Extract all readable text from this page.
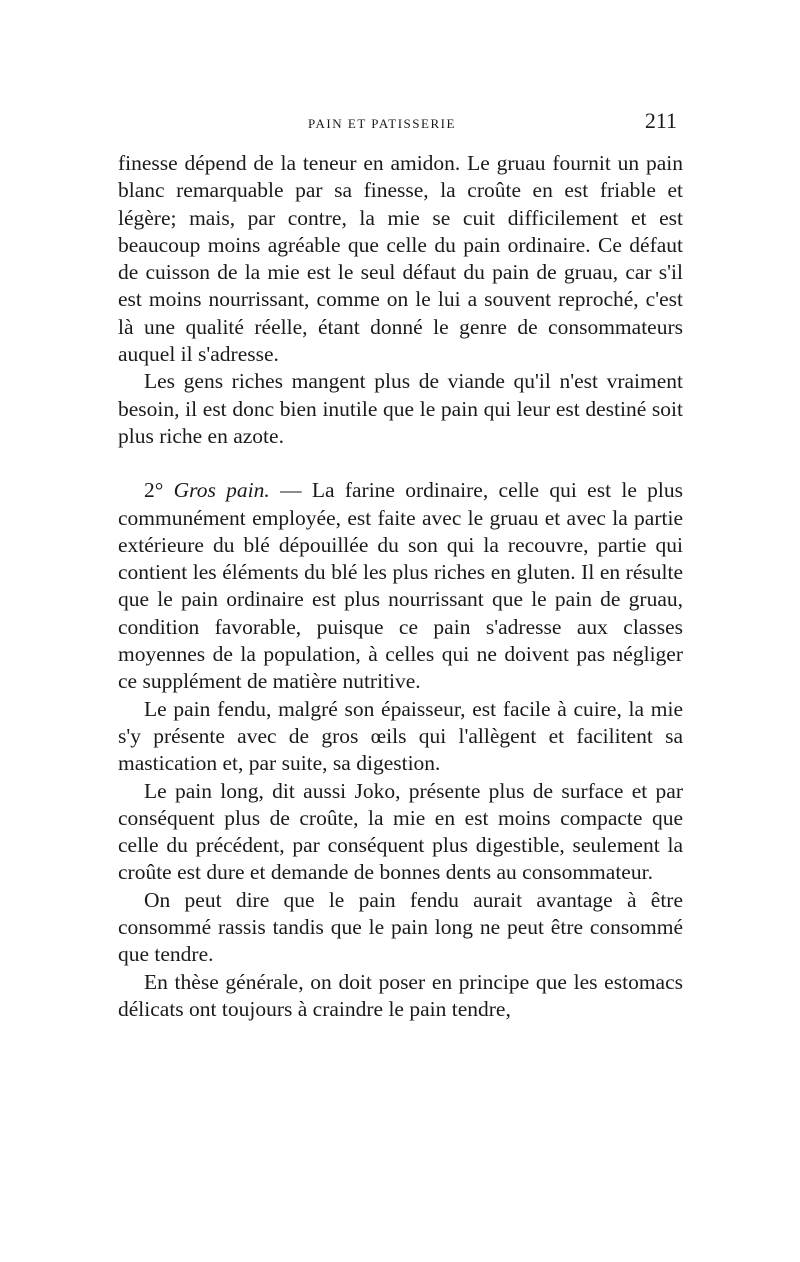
PAIN ET PATISSERIE	211

finesse dépend de la teneur en amidon. Le gruau fournit un pain blanc remarquable par sa finesse, la croûte en est friable et légère; mais, par contre, la mie se cuit difficilement et est beaucoup moins agréable que celle du pain ordinaire. Ce défaut de cuisson de la mie est le seul défaut du pain de gruau, car s'il est moins nourrissant, comme on le lui a souvent reproché, c'est là une qualité réelle, étant donné le genre de consommateurs auquel il s'adresse.

Les gens riches mangent plus de viande qu'il n'est vraiment besoin, il est donc bien inutile que le pain qui leur est destiné soit plus riche en azote.

2° Gros pain. — La farine ordinaire, celle qui est le plus communément employée, est faite avec le gruau et avec la partie extérieure du blé dépouillée du son qui la recouvre, partie qui contient les éléments du blé les plus riches en gluten. Il en résulte que le pain ordinaire est plus nourrissant que le pain de gruau, condition favorable, puisque ce pain s'adresse aux classes moyennes de la population, à celles qui ne doivent pas négliger ce supplément de matière nutritive.

Le pain fendu, malgré son épaisseur, est facile à cuire, la mie s'y présente avec de gros œils qui l'allègent et facilitent sa mastication et, par suite, sa digestion.

Le pain long, dit aussi Joko, présente plus de surface et par conséquent plus de croûte, la mie en est moins compacte que celle du précédent, par conséquent plus digestible, seulement la croûte est dure et demande de bonnes dents au consommateur.

On peut dire que le pain fendu aurait avantage à être consommé rassis tandis que le pain long ne peut être consommé que tendre.

En thèse générale, on doit poser en principe que les estomacs délicats ont toujours à craindre le pain tendre,
